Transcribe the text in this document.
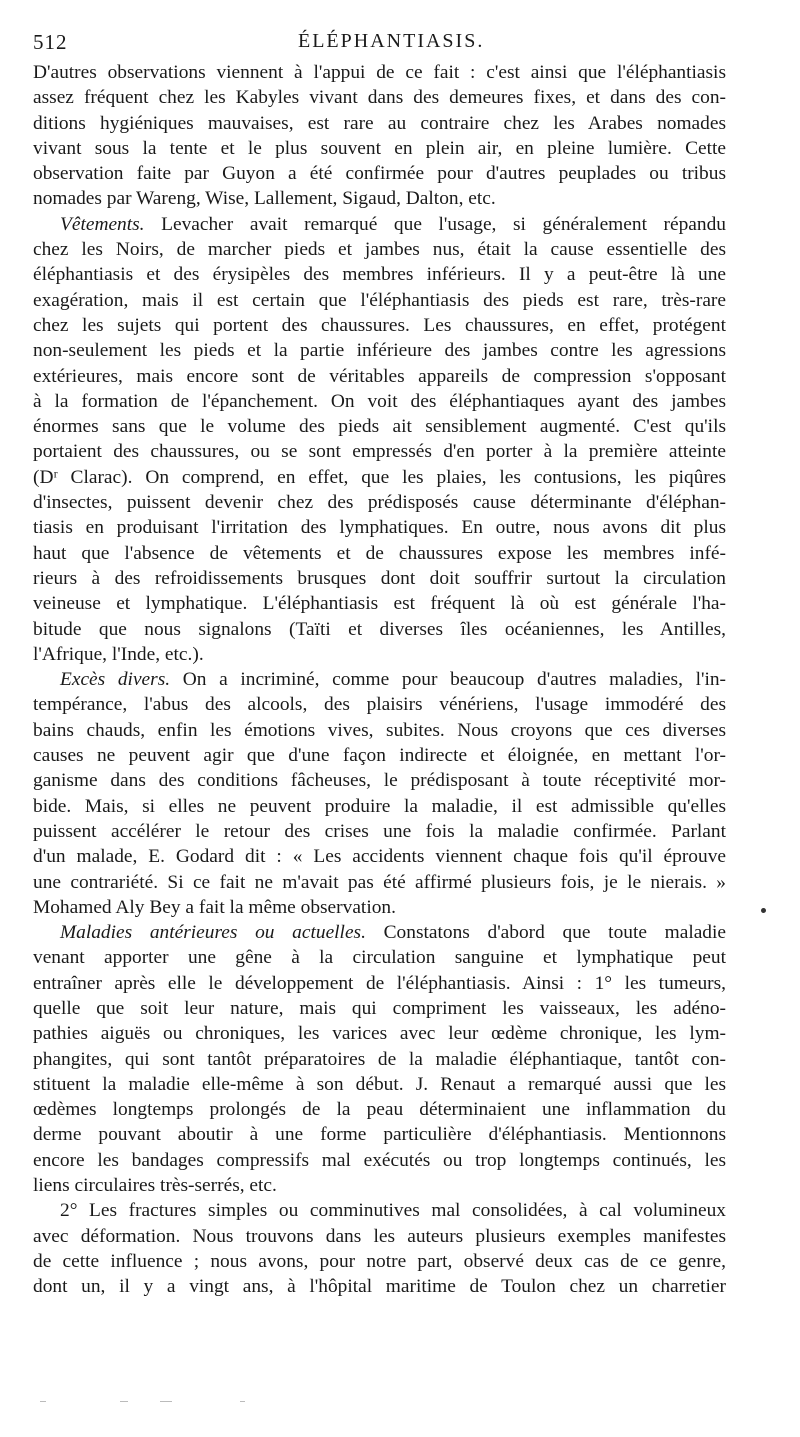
512	ÉLÉPHANTIASIS.
D'autres observations viennent à l'appui de ce fait : c'est ainsi que l'éléphantiasis
assez fréquent chez les Kabyles vivant dans des demeures fixes, et dans des con-
ditions hygiéniques mauvaises, est rare au contraire chez les Arabes nomades
vivant sous la tente et le plus souvent en plein air, en pleine lumière. Cette
observation faite par Guyon a été confirmée pour d'autres peuplades ou tribus
nomades par Wareng, Wise, Lallement, Sigaud, Dalton, etc.
Vêtements. Levacher avait remarqué que l'usage, si généralement répandu
chez les Noirs, de marcher pieds et jambes nus, était la cause essentielle des
éléphantiasis et des érysipèles des membres inférieurs. Il y a peut-être là une
exagération, mais il est certain que l'éléphantiasis des pieds est rare, très-rare
chez les sujets qui portent des chaussures. Les chaussures, en effet, protégent
non-seulement les pieds et la partie inférieure des jambes contre les agressions
extérieures, mais encore sont de véritables appareils de compression s'opposant
à la formation de l'épanchement. On voit des éléphantiaques ayant des jambes
énormes sans que le volume des pieds ait sensiblement augmenté. C'est qu'ils
portaient des chaussures, ou se sont empressés d'en porter à la première atteinte
(Dʳ Clarac). On comprend, en effet, que les plaies, les contusions, les piqûres
d'insectes, puissent devenir chez des prédisposés cause déterminante d'éléphan-
tiasis en produisant l'irritation des lymphatiques. En outre, nous avons dit plus
haut que l'absence de vêtements et de chaussures expose les membres infé-
rieurs à des refroidissements brusques dont doit souffrir surtout la circulation
veineuse et lymphatique. L'éléphantiasis est fréquent là où est générale l'ha-
bitude que nous signalons (Taïti et diverses îles océaniennes, les Antilles,
l'Afrique, l'Inde, etc.).
Excès divers. On a incriminé, comme pour beaucoup d'autres maladies, l'in-
tempérance, l'abus des alcools, des plaisirs vénériens, l'usage immodéré des
bains chauds, enfin les émotions vives, subites. Nous croyons que ces diverses
causes ne peuvent agir que d'une façon indirecte et éloignée, en mettant l'or-
ganisme dans des conditions fâcheuses, le prédisposant à toute réceptivité mor-
bide. Mais, si elles ne peuvent produire la maladie, il est admissible qu'elles
puissent accélérer le retour des crises une fois la maladie confirmée. Parlant
d'un malade, E. Godard dit : « Les accidents viennent chaque fois qu'il éprouve
une contrariété. Si ce fait ne m'avait pas été affirmé plusieurs fois, je le nierais. »
Mohamed Aly Bey a fait la même observation.
Maladies antérieures ou actuelles. Constatons d'abord que toute maladie
venant apporter une gêne à la circulation sanguine et lymphatique peut
entraîner après elle le développement de l'éléphantiasis. Ainsi : 1° les tumeurs,
quelle que soit leur nature, mais qui compriment les vaisseaux, les adéno-
pathies aiguës ou chroniques, les varices avec leur œdème chronique, les lym-
phangites, qui sont tantôt préparatoires de la maladie éléphantiaque, tantôt con-
stituent la maladie elle-même à son début. J. Renaut a remarqué aussi que les
œdèmes longtemps prolongés de la peau déterminaient une inflammation du
derme pouvant aboutir à une forme particulière d'éléphantiasis. Mentionnons
encore les bandages compressifs mal exécutés ou trop longtemps continués, les
liens circulaires très-serrés, etc.
2° Les fractures simples ou comminutives mal consolidées, à cal volumineux
avec déformation. Nous trouvons dans les auteurs plusieurs exemples manifestes
de cette influence ; nous avons, pour notre part, observé deux cas de ce genre,
dont un, il y a vingt ans, à l'hôpital maritime de Toulon chez un charretier
